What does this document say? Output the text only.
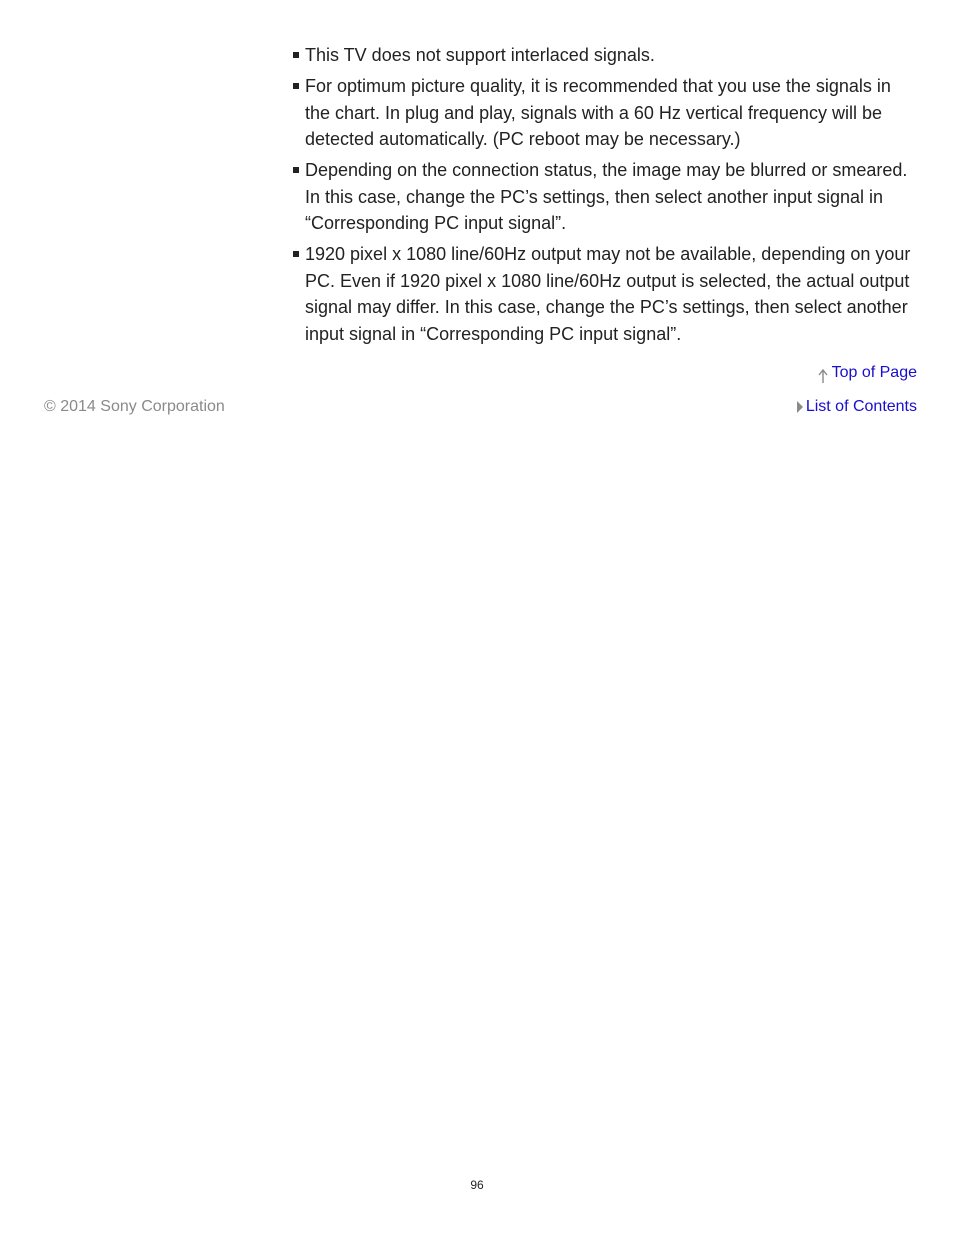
This TV does not support interlaced signals.
For optimum picture quality, it is recommended that you use the signals in the chart. In plug and play, signals with a 60 Hz vertical frequency will be detected automatically. (PC reboot may be necessary.)
Depending on the connection status, the image may be blurred or smeared. In this case, change the PC’s settings, then select another input signal in “Corresponding PC input signal”.
1920 pixel x 1080 line/60Hz output may not be available, depending on your PC. Even if 1920 pixel x 1080 line/60Hz output is selected, the actual output signal may differ. In this case, change the PC’s settings, then select another input signal in “Corresponding PC input signal”.
Top of Page
© 2014 Sony Corporation	List of Contents
96
